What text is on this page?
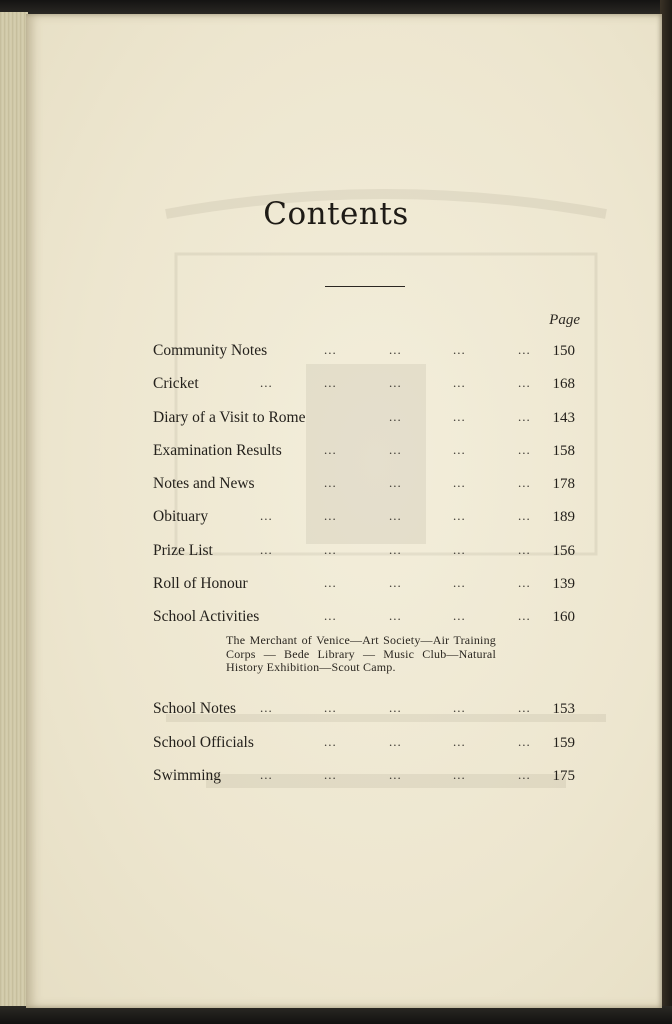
Contents
Page
Community Notes	...	...	...	... 150
Cricket	...	...	...	...	... 168
Diary of a Visit to Rome	...	...	... 143
Examination Results	...	...	...	... 158
Notes and News	...	...	...	... 178
Obituary	...	...	...	...	... 189
Prize List	...	...	...	...	... 156
Roll of Honour	...	...	...	... 139
School Activities	...	...	...	... 160
The Merchant of Venice—Art Society—Air Training Corps — Bede Library — Music Club—Natural History Exhibition—Scout Camp.
School Notes ...	...	...	...	... 153
School Officials	...	...	...	... 159
Swimming	...	...	...	...	... 175
